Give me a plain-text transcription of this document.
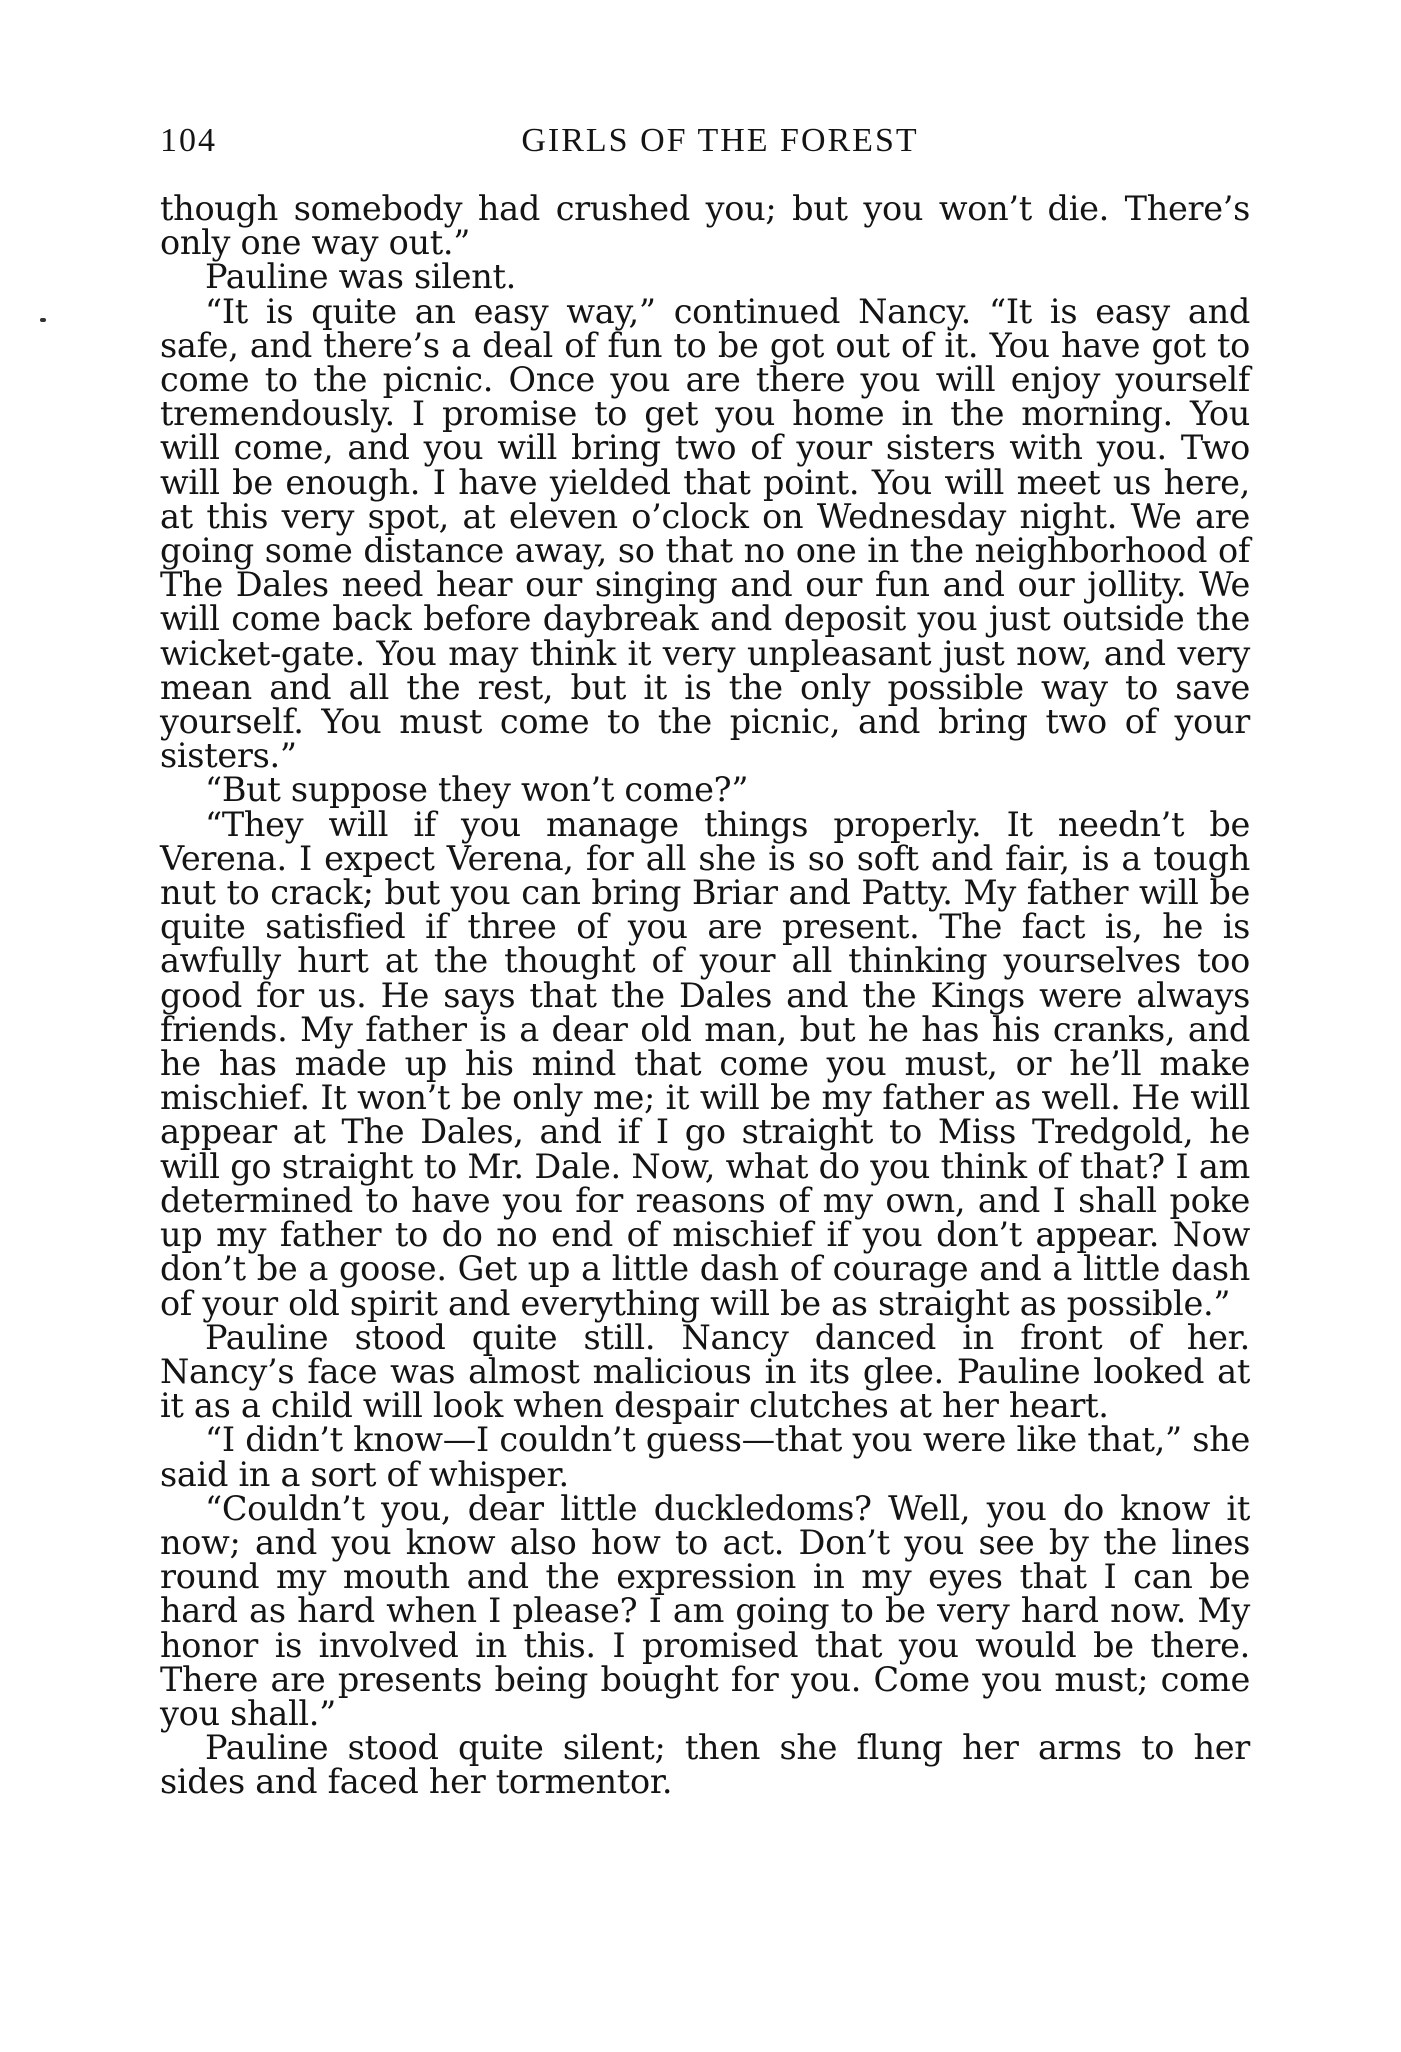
104	GIRLS OF THE FOREST

though somebody had crushed you; but you won’t die. There’s only one way out.”

Pauline was silent.

“It is quite an easy way,” continued Nancy. “It is easy and safe, and there’s a deal of fun to be got out of it. You have got to come to the picnic. Once you are there you will enjoy yourself tremendously. I promise to get you home in the morning. You will come, and you will bring two of your sisters with you. Two will be enough. I have yielded that point. You will meet us here, at this very spot, at eleven o’clock on Wednesday night. We are going some distance away, so that no one in the neighborhood of The Dales need hear our singing and our fun and our jollity. We will come back before daybreak and deposit you just outside the wicket-gate. You may think it very unpleasant just now, and very mean and all the rest, but it is the only possible way to save yourself. You must come to the picnic, and bring two of your sisters.”

“But suppose they won’t come?”

“They will if you manage things properly. It needn’t be Verena. I expect Verena, for all she is so soft and fair, is a tough nut to crack; but you can bring Briar and Patty. My father will be quite satisfied if three of you are present. The fact is, he is awfully hurt at the thought of your all thinking yourselves too good for us. He says that the Dales and the Kings were always friends. My father is a dear old man, but he has his cranks, and he has made up his mind that come you must, or he’ll make mischief. It won’t be only me; it will be my father as well. He will appear at The Dales, and if I go straight to Miss Tredgold, he will go straight to Mr. Dale. Now, what do you think of that? I am determined to have you for reasons of my own, and I shall poke up my father to do no end of mischief if you don’t appear. Now don’t be a goose. Get up a little dash of courage and a little dash of your old spirit and everything will be as straight as possible.”

Pauline stood quite still. Nancy danced in front of her. Nancy’s face was almost malicious in its glee. Pauline looked at it as a child will look when despair clutches at her heart.

“I didn’t know—I couldn’t guess—that you were like that,” she said in a sort of whisper.

“Couldn’t you, dear little duckledoms? Well, you do know it now; and you know also how to act. Don’t you see by the lines round my mouth and the expression in my eyes that I can be hard as hard when I please? I am going to be very hard now. My honor is involved in this. I promised that you would be there. There are presents being bought for you. Come you must; come you shall.”

Pauline stood quite silent; then she flung her arms to her sides and faced her tormentor.
